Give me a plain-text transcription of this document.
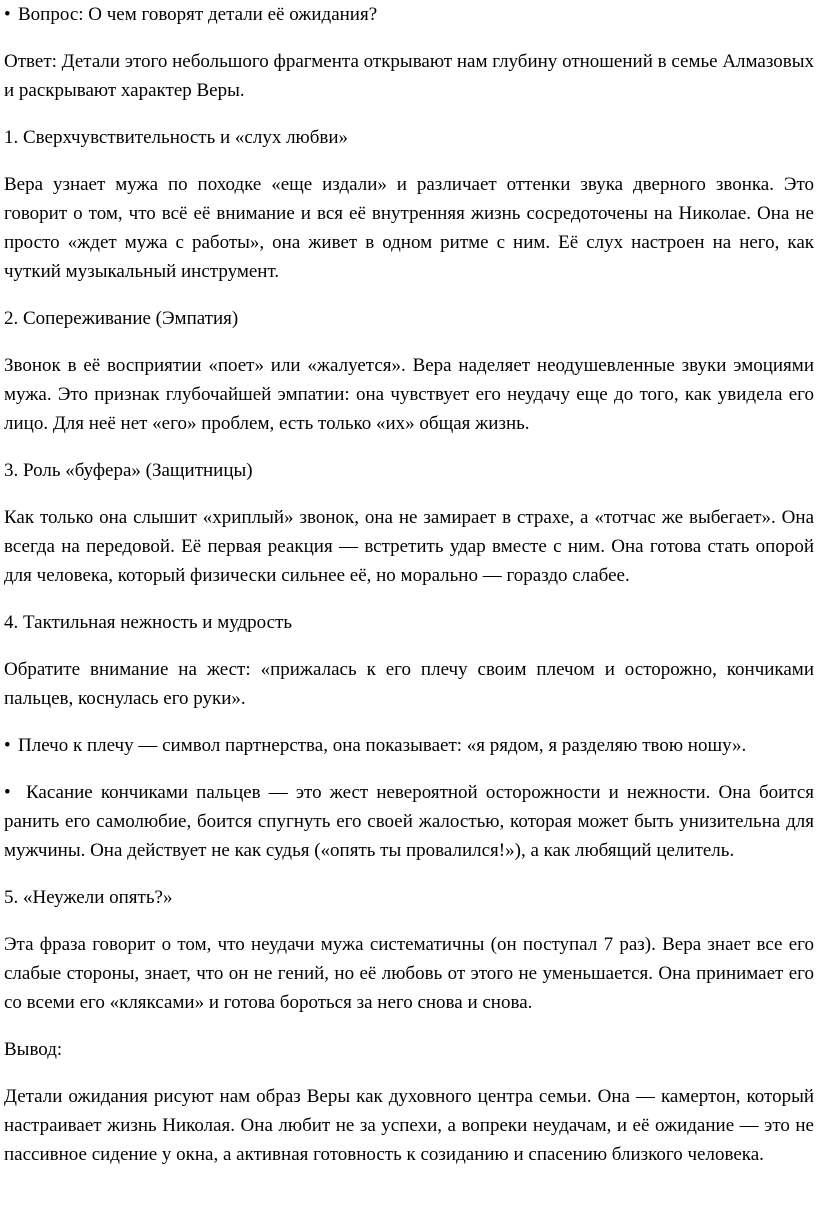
• Вопрос: О чем говорят детали её ожидания?

Ответ: Детали этого небольшого фрагмента открывают нам глубину отношений в семье Алмазовых и раскрывают характер Веры.

1. Сверхчувствительность и «слух любви»

Вера узнает мужа по походке «еще издали» и различает оттенки звука дверного звонка. Это говорит о том, что всё её внимание и вся её внутренняя жизнь сосредоточены на Николае. Она не просто «ждет мужа с работы», она живет в одном ритме с ним. Её слух настроен на него, как чуткий музыкальный инструмент.

2. Сопереживание (Эмпатия)

Звонок в её восприятии «поет» или «жалуется». Вера наделяет неодушевленные звуки эмоциями мужа. Это признак глубочайшей эмпатии: она чувствует его неудачу еще до того, как увидела его лицо. Для неё нет «его» проблем, есть только «их» общая жизнь.

3. Роль «буфера» (Защитницы)

Как только она слышит «хриплый» звонок, она не замирает в страхе, а «тотчас же выбегает». Она всегда на передовой. Её первая реакция — встретить удар вместе с ним. Она готова стать опорой для человека, который физически сильнее её, но морально — гораздо слабее.

4. Тактильная нежность и мудрость

Обратите внимание на жест: «прижалась к его плечу своим плечом и осторожно, кончиками пальцев, коснулась его руки».

• Плечо к плечу — символ партнерства, она показывает: «я рядом, я разделяю твою ношу».

• Касание кончиками пальцев — это жест невероятной осторожности и нежности. Она боится ранить его самолюбие, боится спугнуть его своей жалостью, которая может быть унизительна для мужчины. Она действует не как судья («опять ты провалился!»), а как любящий целитель.

5. «Неужели опять?»

Эта фраза говорит о том, что неудачи мужа систематичны (он поступал 7 раз). Вера знает все его слабые стороны, знает, что он не гений, но её любовь от этого не уменьшается. Она принимает его со всеми его «кляксами» и готова бороться за него снова и снова.

Вывод:

Детали ожидания рисуют нам образ Веры как духовного центра семьи. Она — камертон, который настраивает жизнь Николая. Она любит не за успехи, а вопреки неудачам, и её ожидание — это не пассивное сидение у окна, а активная готовность к созиданию и спасению близкого человека.
